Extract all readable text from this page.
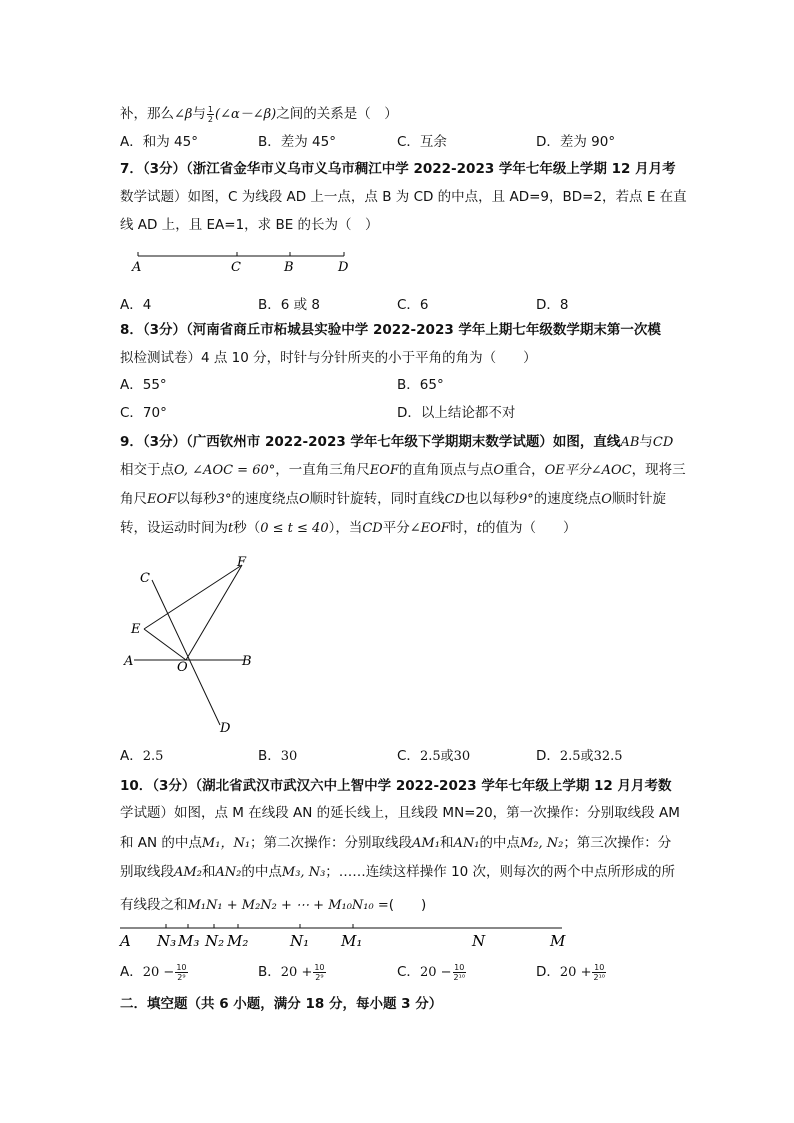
补，那么∠β与 $\frac{1}{2}$ (∠α－∠β)之间的关系是（　）
A．和为 45°	B．差为 45°	C．互余	D．差为 90°
7．（3分）（浙江省金华市义乌市义乌市稠江中学 2022-2023 学年七年级上学期 12 月月考
数学试题）如图，C 为线段 AD 上一点，点 B 为 CD 的中点，且 AD=9，BD=2，若点 E 在直
线 AD 上，且 EA=1，求 BE 的长为（　）
A	C	B	D
A．4	B．6 或 8	C．6	D．8
8．（3分）（河南省商丘市柘城县实验中学 2022-2023 学年上期七年级数学期末第一次模
拟检测试卷）4 点 10 分，时针与分针所夹的小于平角的角为（　　）
A．55°	B．65°
C．70°	D．以上结论都不对
9．（3分）（广西钦州市 2022-2023 学年七年级下学期期末数学试题）如图，直线AB与CD
相交于点O, ∠AOC = 60°，一直角三角尺EOF的直角顶点与点O重合，OE平分∠AOC，现将三
角尺EOF以每秒3°的速度绕点O顺时针旋转，同时直线CD也以每秒9°的速度绕点O顺时针旋
转，设运动时间为t秒（0 ≤ t ≤ 40），当CD平分∠EOF时，t的值为（　　）
C
F
E
A	O	B
D
A．2.5	B．30	C．2.5或30	D．2.5或32.5
10．（3分）（湖北省武汉市武汉六中上智中学 2022-2023 学年七年级上学期 12 月月考数
学试题）如图，点 M 在线段 AN 的延长线上，且线段 MN=20，第一次操作：分别取线段 AM
和 AN 的中点M₁，N₁；第二次操作：分别取线段AM₁和AN₁的中点M₂, N₂；第三次操作：分
别取线段AM₂和AN₂的中点M₃, N₃；……连续这样操作 10 次，则每次的两个中点所形成的所
有线段之和M₁N₁ + M₂N₂ + ⋯ + M₁₀N₁₀ =(　　)
A N₃ M₃ N₂ M₂	N₁ M₁	N	M
A．$20 - \frac{10}{\text{2⁹}}$	B．$20 + \frac{10}{\text{2⁹}}$	C．$20 - \frac{10}{\text{2¹⁰}}$	D．$20 + \frac{10}{\text{2¹⁰}}$
二．填空题（共 6 小题，满分 18 分，每小题 3 分）
